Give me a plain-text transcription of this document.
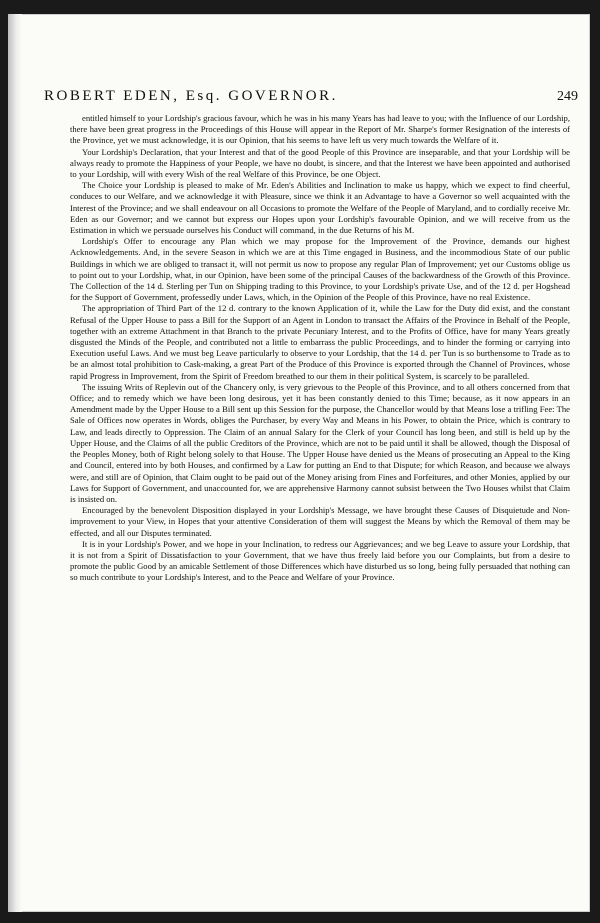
ROBERT EDEN, Esq. GOVERNOR.	249

entitled himself to your Lordship's gracious favour, which he was in his many Years has had leave to you; with the Influence of our Lordship, there have been great progress in the Proceedings of this House will appear in the Report of Mr. Sharpe's former Resignation of the interests of the Province, yet we must acknowledge, it is our Opinion, that his seems to have left us very much towards the Welfare of it.

Your Lordship's Declaration, that your Interest and that of the good People of this Province are inseparable, and that your Lordship will be always ready to promote the Happiness of your People, we have no doubt, is sincere, and that the Interest we have been appointed and authorised to your Lordship, will with every Wish of the real Welfare of this Province, be one Object.

The Choice your Lordship is pleased to make of Mr. Eden's Abilities and Inclination to make us happy, which we expect to find cheerful, conduces to our Welfare, and we acknowledge it with Pleasure, since we think it an Advantage to have a Governor so well acquainted with the Interest of the Province; and we shall endeavour on all Occasions to promote the Welfare of the People of Maryland, and to cordially receive Mr. Eden as our Governor; and we cannot but express our Hopes upon your Lordship's favourable Opinion, and we will receive from us the Estimation in which we persuade ourselves his Conduct will command, in the due Returns of his M.

Lordship's Offer to encourage any Plan which we may propose for the Improvement of the Province, demands our highest Acknowledgements. And, in the severe Season in which we are at this Time engaged in Business, and the incommodious State of our public Buildings in which we are obliged to transact it, will not permit us now to propose any regular Plan of Improvement; yet our Customs oblige us to point out to your Lordship, what, in our Opinion, have been some of the principal Causes of the backwardness of the Growth of this Province. The Collection of the 14 d. Sterling per Tun on Shipping trading to this Province, to your Lordship's private Use, and of the 12 d. per Hogshead for the Support of Government, professedly under Laws, which, in the Opinion of the People of this Province, have no real Existence.

The appropriation of Third Part of the 12 d. contrary to the known Application of it, while the Law for the Duty did exist, and the constant Refusal of the Upper House to pass a Bill for the Support of an Agent in London to transact the Affairs of the Province in Behalf of the People, together with an extreme Attachment in that Branch to the private Pecuniary Interest, and to the Profits of Office, have for many Years greatly disgusted the Minds of the People, and contributed not a little to embarrass the public Proceedings, and to hinder the forming or carrying into Execution useful Laws. And we must beg Leave particularly to observe to your Lordship, that the 14 d. per Tun is so burthensome to Trade as to be an almost total prohibition to Cask-making, a great Part of the Produce of this Province is exported through the Channel of Provinces, whose rapid Progress in Improvement, from the Spirit of Freedom breathed to our them in their political System, is scarcely to be paralleled.

The issuing Writs of Replevin out of the Chancery only, is very grievous to the People of this Province, and to all others concerned from that Office; and to remedy which we have been long desirous, yet it has been constantly denied to this Time; because, as it now appears in an Amendment made by the Upper House to a Bill sent up this Session for the purpose, the Chancellor would by that Means lose a trifling Fee: The Sale of Offices now operates in Words, obliges the Purchaser, by every Way and Means in his Power, to obtain the Price, which is contrary to Law, and leads directly to Oppression. The Claim of an annual Salary for the Clerk of your Council has long been, and still is held up by the Upper House, and the Claims of all the public Creditors of the Province, which are not to be paid until it shall be allowed, though the Disposal of the Peoples Money, both of Right belong solely to that House. The Upper House have denied us the Means of prosecuting an Appeal to the King and Council, entered into by both Houses, and confirmed by a Law for putting an End to that Dispute; for which Reason, and because we always were, and still are of Opinion, that Claim ought to be paid out of the Money arising from Fines and Forfeitures, and other Monies, applied by our Laws for Support of Government, and unaccounted for, we are apprehensive Harmony cannot subsist between the Two Houses whilst that Claim is insisted on.

Encouraged by the benevolent Disposition displayed in your Lordship's Message, we have brought these Causes of Disquietude and Non-improvement to your View, in Hopes that your attentive Consideration of them will suggest the Means by which the Removal of them may be effected, and all our Disputes terminated.

It is in your Lordship's Power, and we hope in your Inclination, to redress our Aggrievances; and we beg Leave to assure your Lordship, that it is not from a Spirit of Dissatisfaction to your Government, that we have thus freely laid before you our Complaints, but from a desire to promote the public Good by an amicable Settlement of those Differences which have disturbed us so long, being fully persuaded that nothing can so much contribute to your Lordship's Interest, and to the Peace and Welfare of your Province.
